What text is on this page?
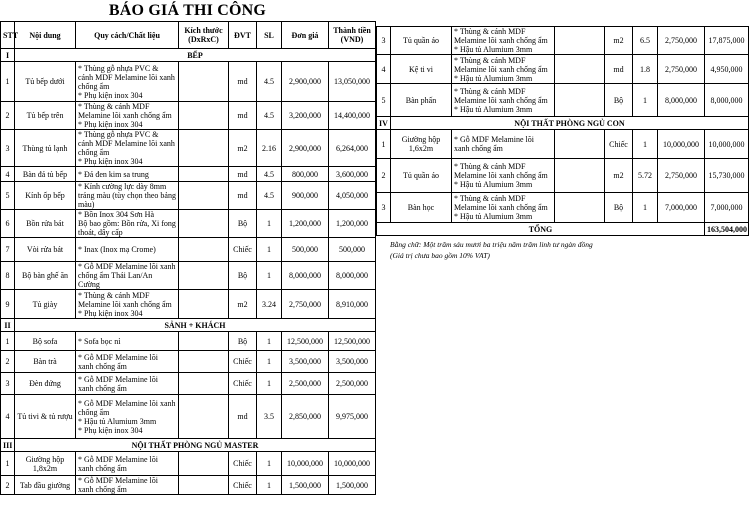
BÁO GIÁ THI CÔNG
STT	Nội dung	Quy cách/Chất liệu	Kích thước (DxRxC)	ĐVT	SL	Đơn giá	Thành tiền (VND)
I	BẾP						
1	Tủ bếp dưới	* Thùng gỗ nhựa PVC &
cánh MDF Melamine lõi xanh
chống ẩm
* Phụ kiện inox 304		md	4.5	2,900,000	13,050,000
2	Tủ bếp trên	* Thùng & cánh MDF
Melamine lõi xanh chống ẩm
* Phụ kiện inox 304		md	4.5	3,200,000	14,400,000
3	Thùng tủ lạnh	* Thùng gỗ nhựa PVC &
cánh MDF Melamine lõi xanh
chống ẩm
* Phụ kiện inox 304		m2	2.16	2,900,000	6,264,000
4	Bàn đá tủ bếp	* Đá đen kim sa trung		md	4.5	800,000	3,600,000
5	Kính ốp bếp	* Kính cường lực dày 8mm
tráng màu (tùy chọn theo bảng
màu)		md	4.5	900,000	4,050,000
6	Bồn rửa bát	* Bồn Inox 304 Sơn Hà
Bộ bao gồm: Bồn rửa, Xi fong
thoát, dây cấp		Bộ	1	1,200,000	1,200,000
7	Vòi rửa bát	* Inax (Inox mạ Crome)		Chiếc	1	500,000	500,000
8	Bộ bàn ghế ăn	* Gỗ MDF Melamine lõi xanh
chống ẩm Thái Lan/An Cường		Bộ	1	8,000,000	8,000,000
9	Tủ giày	* Thùng & cánh MDF
Melamine lõi xanh chống ẩm
* Phụ kiện inox 304		m2	3.24	2,750,000	8,910,000
II	SẢNH + KHÁCH						
1	Bộ sofa	* Sofa bọc nỉ		Bộ	1	12,500,000	12,500,000
2	Bàn trà	* Gỗ MDF Melamine lõi
xanh chống ẩm		Chiếc	1	3,500,000	3,500,000
3	Đèn đứng	* Gỗ MDF Melamine lõi
xanh chống ẩm		Chiếc	1	2,500,000	2,500,000
4	Tủ tivi & tủ rượu	* Gỗ MDF Melamine lõi xanh
chống ẩm
* Hậu tủ Alumium 3mm
* Phụ kiện inox 304		md	3.5	2,850,000	9,975,000
III	NỘI THẤT PHÒNG NGỦ MASTER						
1	Giường hộp 1,8x2m	* Gỗ MDF Melamine lõi
xanh chống ẩm		Chiếc	1	10,000,000	10,000,000
2	Tab đầu giường	* Gỗ MDF Melamine lõi
xanh chống ẩm		Chiếc	1	1,500,000	1,500,000
3	Tủ quần áo	* Thùng & cánh MDF
Melamine lõi xanh chống ẩm
* Hậu tủ Alumium 3mm		m2	6.5	2,750,000	17,875,000
4	Kệ ti vi	* Thùng & cánh MDF
Melamine lõi xanh chống ẩm
* Hậu tủ Alumium 3mm		md	1.8	2,750,000	4,950,000
5	Bàn phấn	* Thùng & cánh MDF
Melamine lõi xanh chống ẩm
* Hậu tủ Alumium 3mm		Bộ	1	8,000,000	8,000,000
IV	NỘI THẤT PHÒNG NGỦ CON						
1	Giường hộp 1,6x2m	* Gỗ MDF Melamine lõi
xanh chống ẩm		Chiếc	1	10,000,000	10,000,000
2	Tủ quần áo	* Thùng & cánh MDF
Melamine lõi xanh chống ẩm
* Hậu tủ Alumium 3mm		m2	5.72	2,750,000	15,730,000
3	Bàn học	* Thùng & cánh MDF
Melamine lõi xanh chống ẩm
* Hậu tủ Alumium 3mm		Bộ	1	7,000,000	7,000,000
TỔNG							163,504,000
Bằng chữ: Một trăm sáu mươi ba triệu năm trăm linh tư ngàn đồng
(Giá trị chưa bao gồm 10% VAT)
